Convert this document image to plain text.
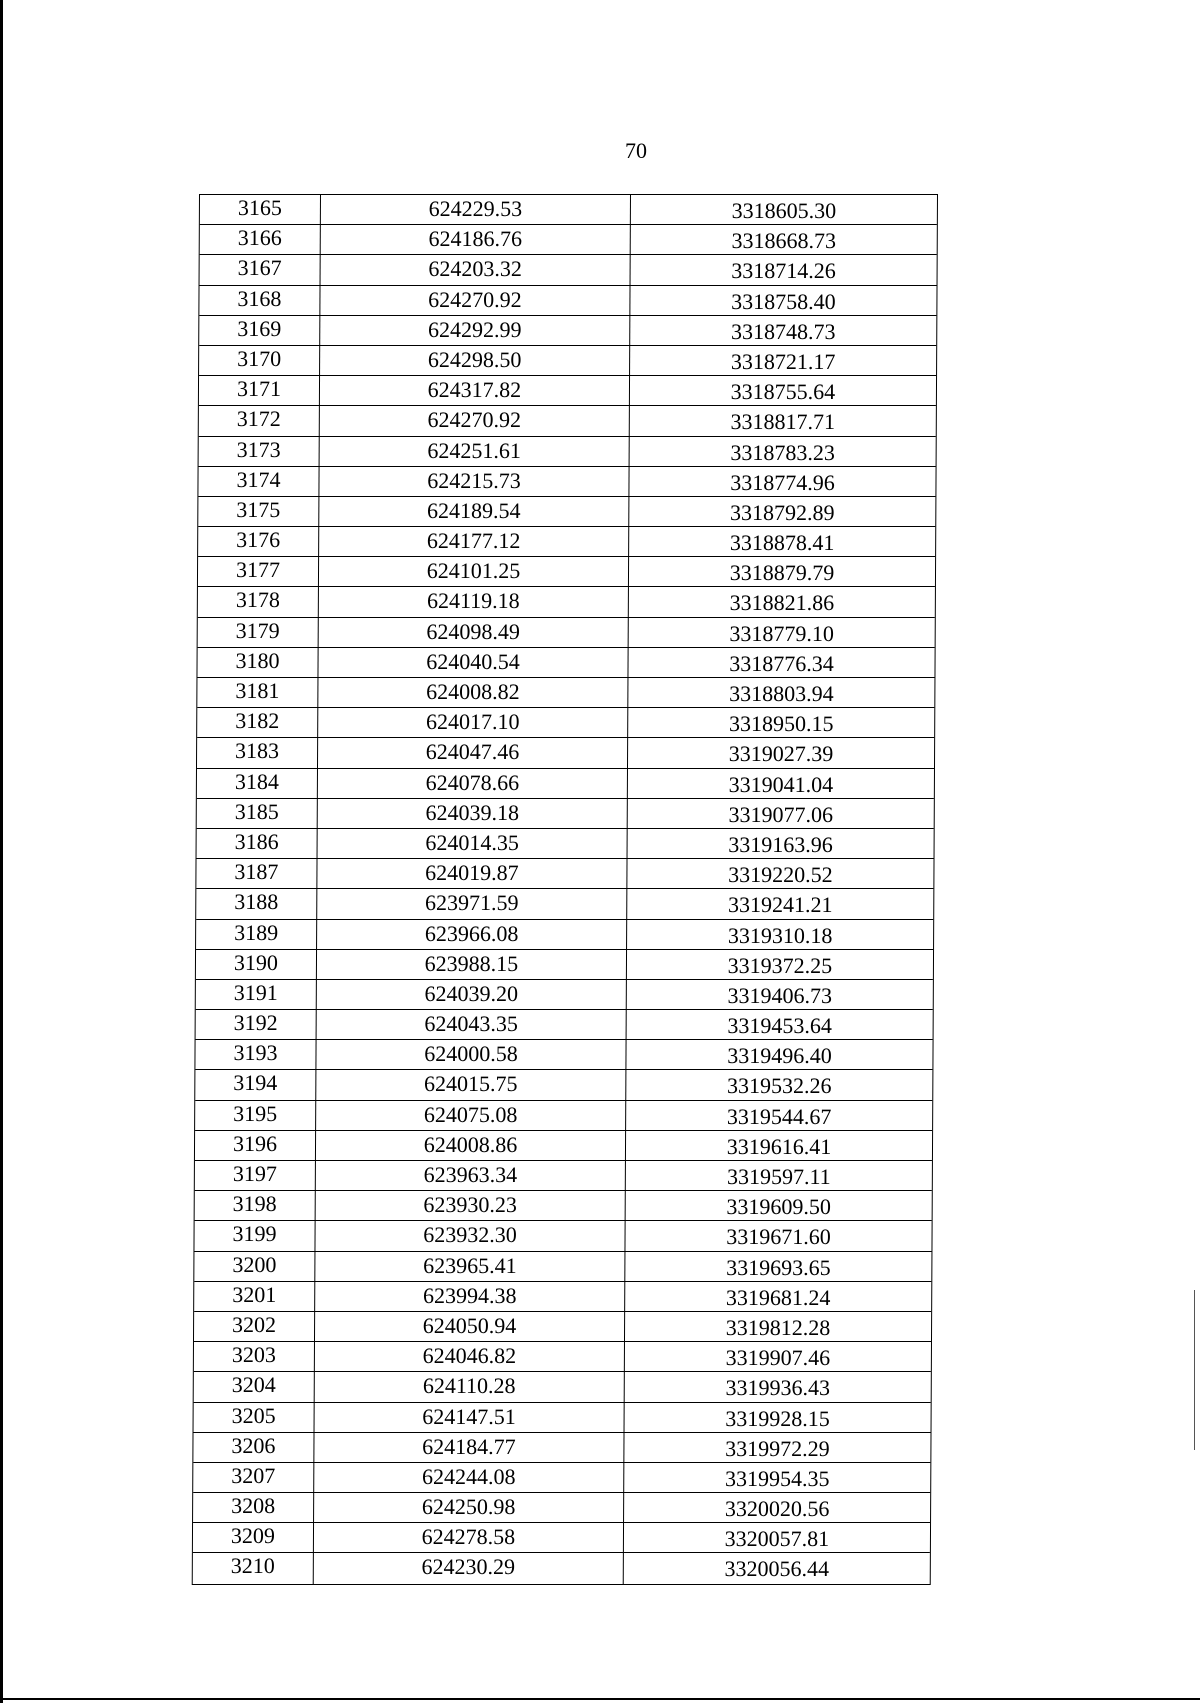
70
3165	624229.53	3318605.30
3166	624186.76	3318668.73
3167	624203.32	3318714.26
3168	624270.92	3318758.40
3169	624292.99	3318748.73
3170	624298.50	3318721.17
3171	624317.82	3318755.64
3172	624270.92	3318817.71
3173	624251.61	3318783.23
3174	624215.73	3318774.96
3175	624189.54	3318792.89
3176	624177.12	3318878.41
3177	624101.25	3318879.79
3178	624119.18	3318821.86
3179	624098.49	3318779.10
3180	624040.54	3318776.34
3181	624008.82	3318803.94
3182	624017.10	3318950.15
3183	624047.46	3319027.39
3184	624078.66	3319041.04
3185	624039.18	3319077.06
3186	624014.35	3319163.96
3187	624019.87	3319220.52
3188	623971.59	3319241.21
3189	623966.08	3319310.18
3190	623988.15	3319372.25
3191	624039.20	3319406.73
3192	624043.35	3319453.64
3193	624000.58	3319496.40
3194	624015.75	3319532.26
3195	624075.08	3319544.67
3196	624008.86	3319616.41
3197	623963.34	3319597.11
3198	623930.23	3319609.50
3199	623932.30	3319671.60
3200	623965.41	3319693.65
3201	623994.38	3319681.24
3202	624050.94	3319812.28
3203	624046.82	3319907.46
3204	624110.28	3319936.43
3205	624147.51	3319928.15
3206	624184.77	3319972.29
3207	624244.08	3319954.35
3208	624250.98	3320020.56
3209	624278.58	3320057.81
3210	624230.29	3320056.44
